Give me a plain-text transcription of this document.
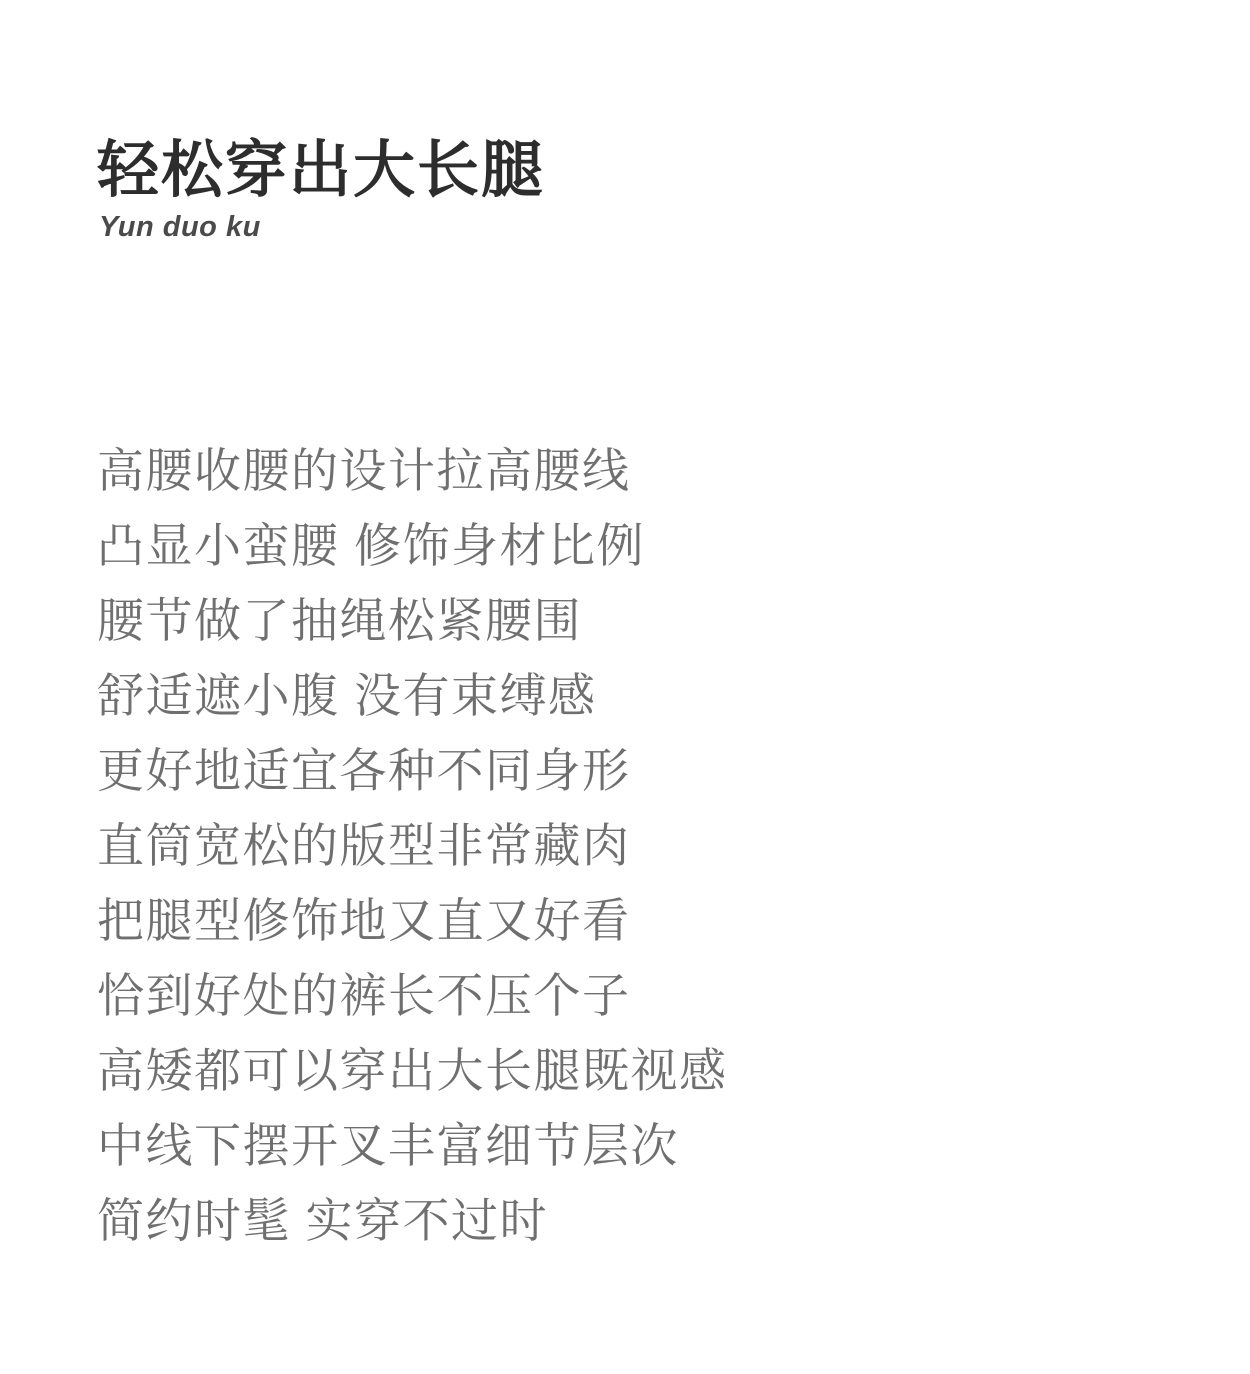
轻松穿出大长腿
Yun duo ku

高腰收腰的设计拉高腰线

凸显小蛮腰 修饰身材比例

腰节做了抽绳松紧腰围

舒适遮小腹 没有束缚感

更好地适宜各种不同身形

直筒宽松的版型非常藏肉

把腿型修饰地又直又好看

恰到好处的裤长不压个子

高矮都可以穿出大长腿既视感

中线下摆开叉丰富细节层次

简约时髦 实穿不过时
